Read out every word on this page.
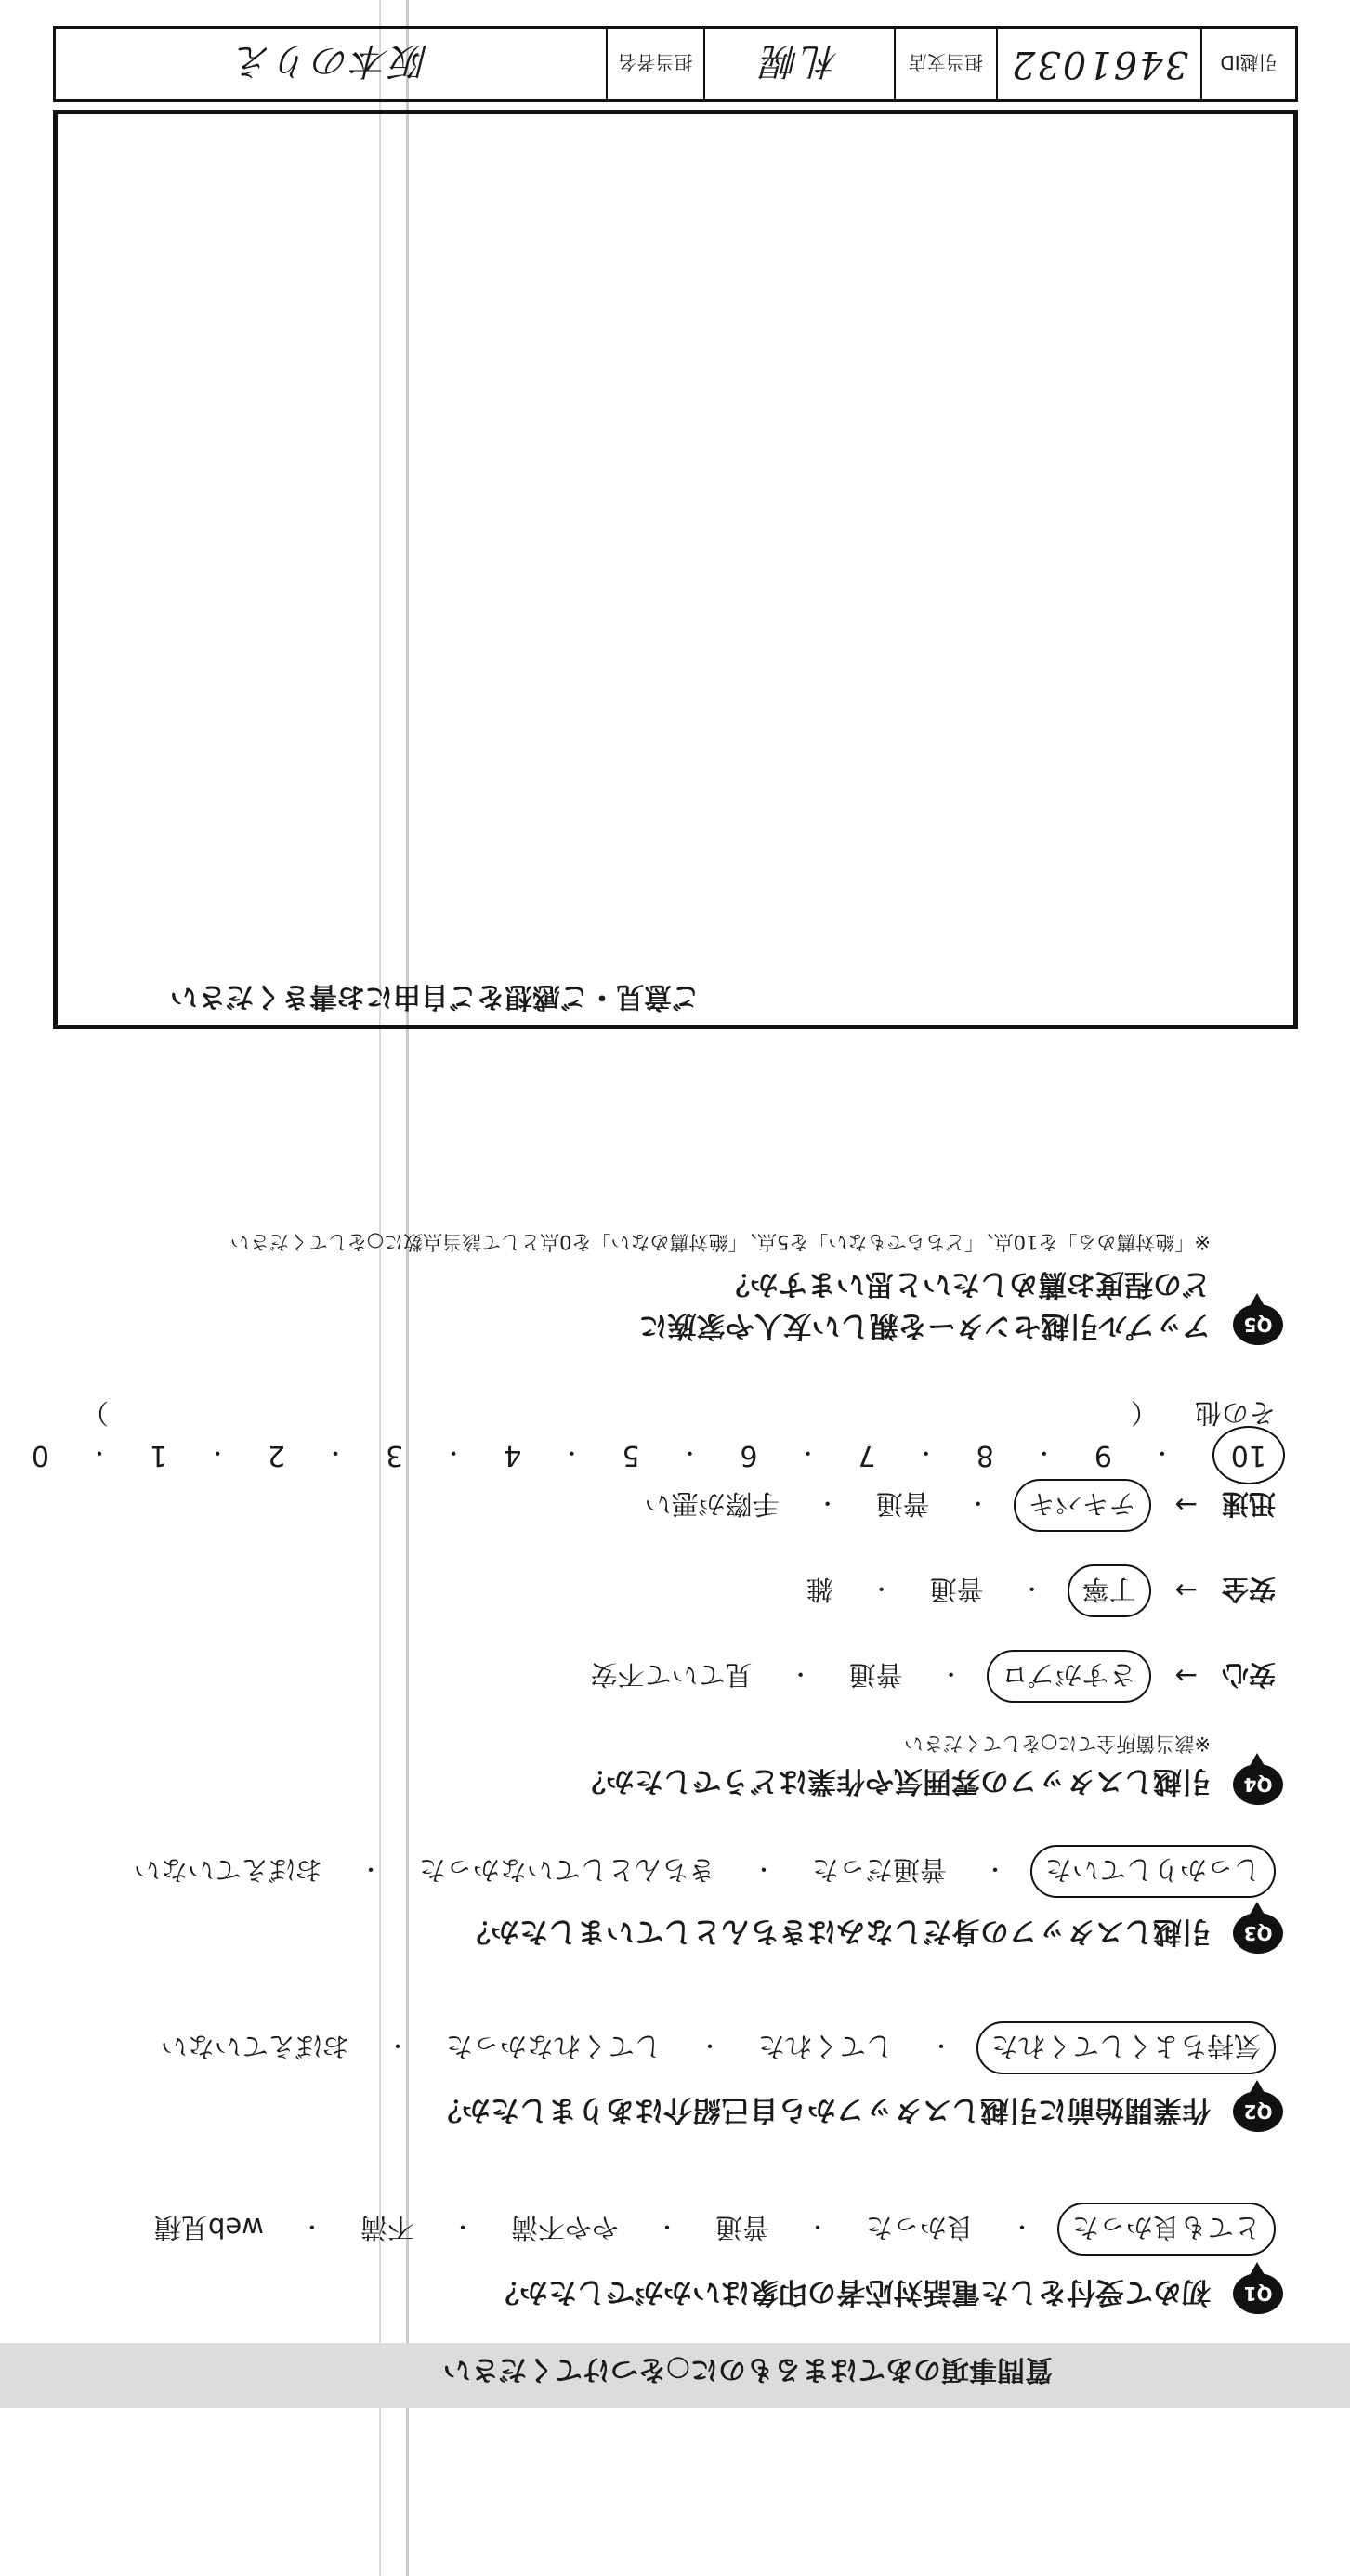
引越ID
3461032
担当支店
札幌
担当者名
阪本のりえ
ご意見・ご感想をご自由にお書きください
10
・
9
・
8
・
7
・
6
・
5
・
4
・
3
・
2
・
1
・
0
Q5
アップル引越センターを親しい友人や家族に
どの程度お薦めしたいと思いますか？
※「絶対薦める」を10点、「どちらでもない」を5点、「絶対薦めない」を0点として該当点数に○をしてください
Q4
引越しスタッフの雰囲気や作業はどうでしたか？
※該当箇所全てに○をしてください
安心
→
さすがプロ
・
普通
・
見ていて不安
安全
→
丁寧
・
普通
・
雑
迅速
→
テキパキ
・
普通
・
手際が悪い
その他
（
）
Q3
引越しスタッフの身だしなみはきちんとしていましたか？
しっかりしていた
・
普通だった
・
きちんとしていなかった
・
おぼえていない
Q2
作業開始前に引越しスタッフから自己紹介はありましたか？
気持ちよくしてくれた
・
してくれた
・
してくれなかった
・
おぼえていない
Q1
初めて受付をした電話対応者の印象はいかがでしたか？
とても良かった
・
良かった
・
普通
・
やや不満
・
不満
・
web見積
質問事項のあてはまるものに○をつけてください
